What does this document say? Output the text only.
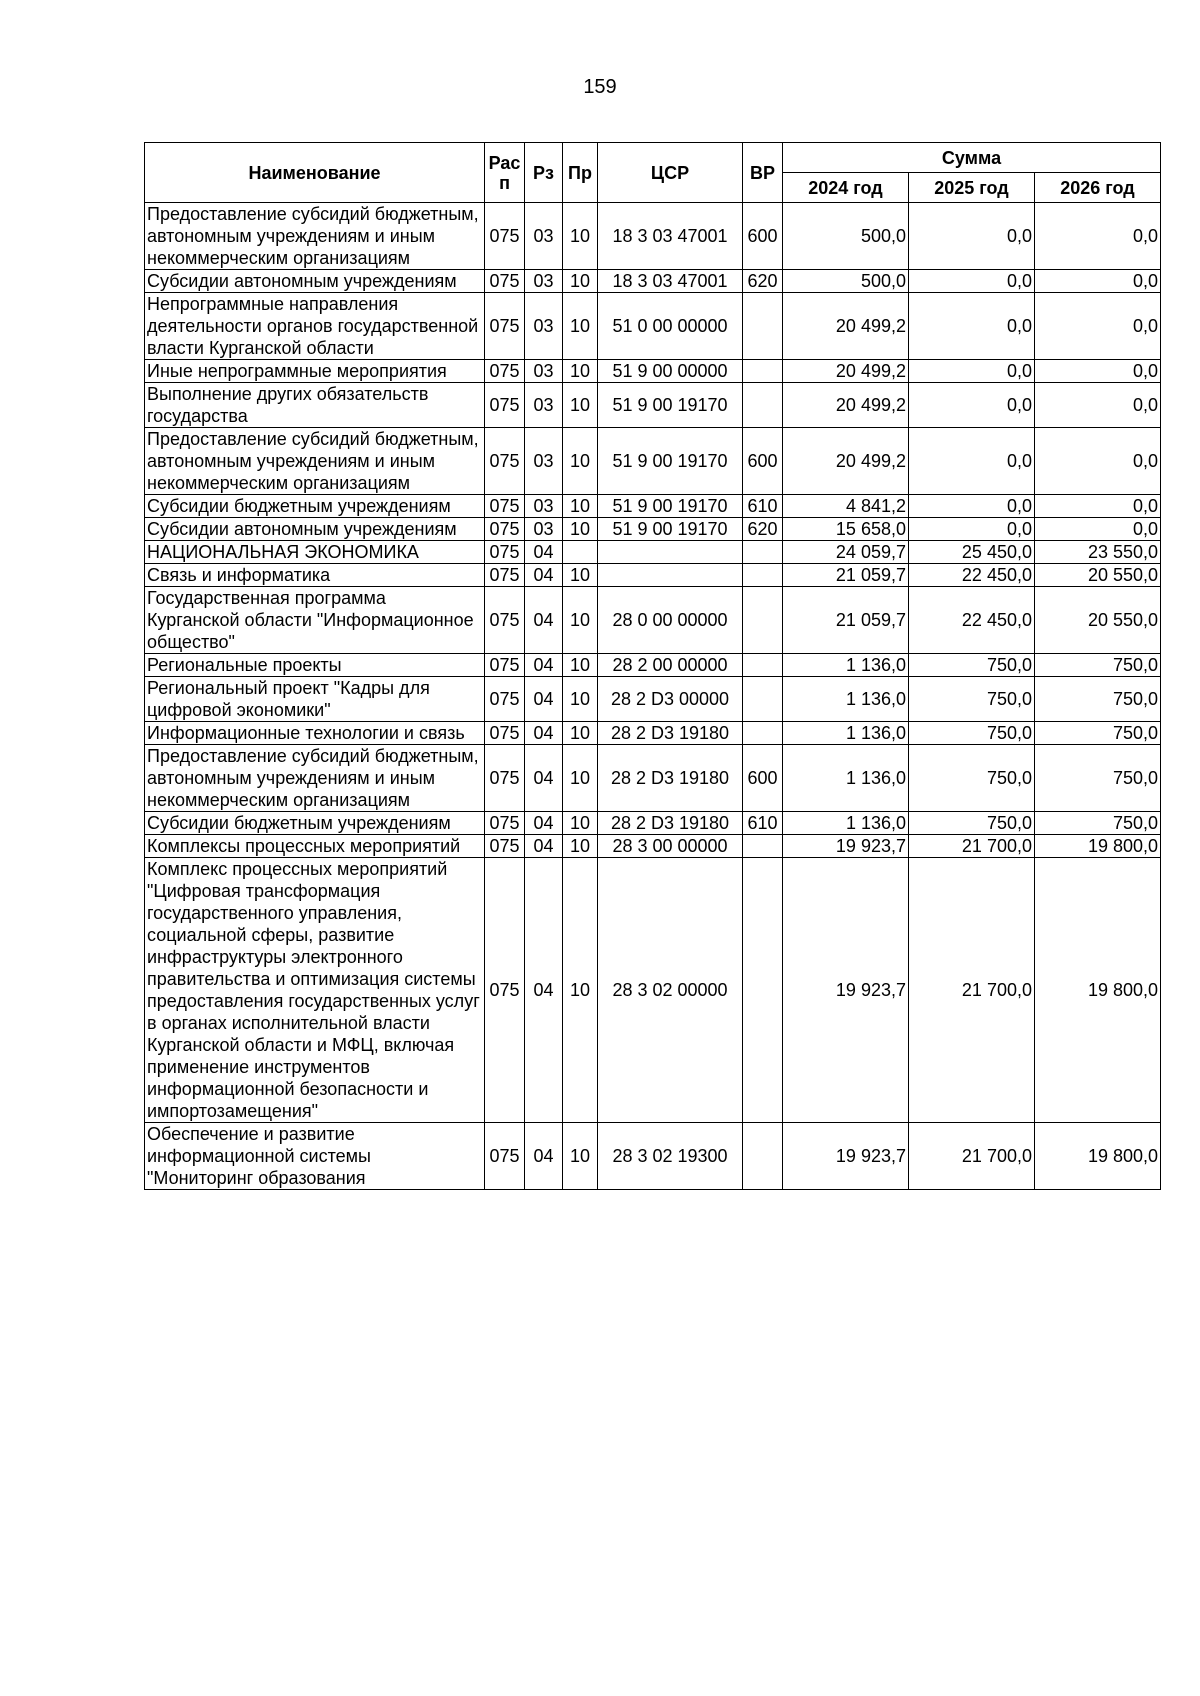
159
Наименование	Рас п	Рз	Пр	ЦСР	ВР	Сумма		
						2024 год	2025 год	2026 год
Предоставление субсидий бюджетным, автономным учреждениям и иным некоммерческим организациям	075	03	10	18 3 03 47001	600	500,0	0,0	0,0
Субсидии автономным учреждениям	075	03	10	18 3 03 47001	620	500,0	0,0	0,0
Непрограммные направления деятельности органов государственной власти Курганской области	075	03	10	51 0 00 00000		20 499,2	0,0	0,0
Иные непрограммные мероприятия	075	03	10	51 9 00 00000		20 499,2	0,0	0,0
Выполнение других обязательств государства	075	03	10	51 9 00 19170		20 499,2	0,0	0,0
Предоставление субсидий бюджетным, автономным учреждениям и иным некоммерческим организациям	075	03	10	51 9 00 19170	600	20 499,2	0,0	0,0
Субсидии бюджетным учреждениям	075	03	10	51 9 00 19170	610	4 841,2	0,0	0,0
Субсидии автономным учреждениям	075	03	10	51 9 00 19170	620	15 658,0	0,0	0,0
НАЦИОНАЛЬНАЯ ЭКОНОМИКА	075	04				24 059,7	25 450,0	23 550,0
Связь и информатика	075	04	10			21 059,7	22 450,0	20 550,0
Государственная программа Курганской области "Информационное общество"	075	04	10	28 0 00 00000		21 059,7	22 450,0	20 550,0
Региональные проекты	075	04	10	28 2 00 00000		1 136,0	750,0	750,0
Региональный проект "Кадры для цифровой экономики"	075	04	10	28 2 D3 00000		1 136,0	750,0	750,0
Информационные технологии и связь	075	04	10	28 2 D3 19180		1 136,0	750,0	750,0
Предоставление субсидий бюджетным, автономным учреждениям и иным некоммерческим организациям	075	04	10	28 2 D3 19180	600	1 136,0	750,0	750,0
Субсидии бюджетным учреждениям	075	04	10	28 2 D3 19180	610	1 136,0	750,0	750,0
Комплексы процессных мероприятий	075	04	10	28 3 00 00000		19 923,7	21 700,0	19 800,0
Комплекс процессных мероприятий "Цифровая трансформация государственного управления, социальной сферы, развитие инфраструктуры электронного правительства и оптимизация системы предоставления государственных услуг в органах исполнительной власти Курганской области и МФЦ, включая применение инструментов информационной безопасности и импортозамещения"	075	04	10	28 3 02 00000		19 923,7	21 700,0	19 800,0
Обеспечение и развитие информационной системы "Мониторинг образования	075	04	10	28 3 02 19300		19 923,7	21 700,0	19 800,0
